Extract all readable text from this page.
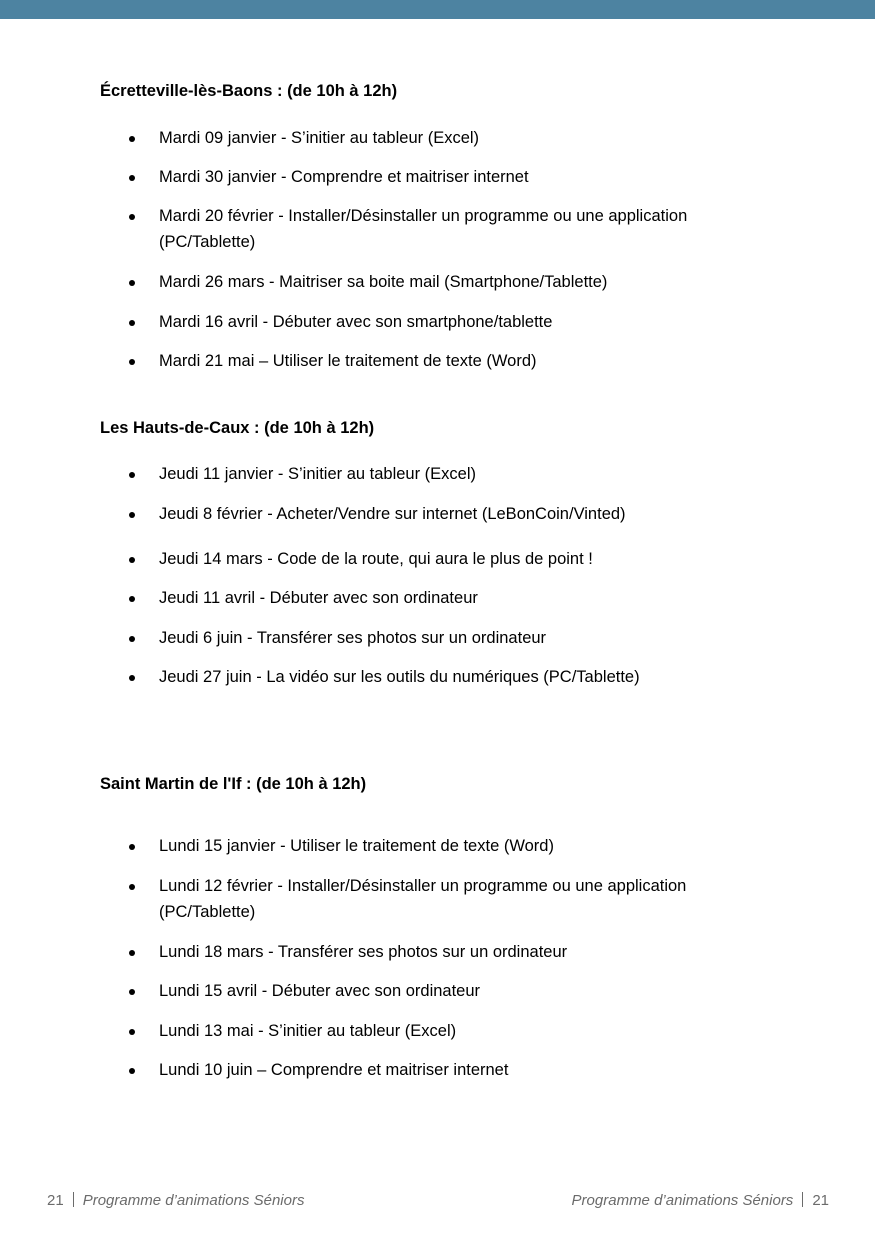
Écretteville-lès-Baons : (de 10h à 12h)
Mardi 09 janvier - S’initier au tableur (Excel)
Mardi 30 janvier - Comprendre et maitriser internet
Mardi 20 février - Installer/Désinstaller un programme ou une application (PC/Tablette)
Mardi 26 mars - Maitriser sa boite mail (Smartphone/Tablette)
Mardi 16 avril - Débuter avec son smartphone/tablette
Mardi 21 mai – Utiliser le traitement de texte (Word)
Les Hauts-de-Caux : (de 10h à 12h)
Jeudi 11 janvier - S’initier au tableur (Excel)
Jeudi 8 février - Acheter/Vendre sur internet (LeBonCoin/Vinted)
Jeudi 14 mars - Code de la route, qui aura le plus de point !
Jeudi 11 avril - Débuter avec son ordinateur
Jeudi 6 juin - Transférer ses photos sur un ordinateur
Jeudi 27 juin - La vidéo sur les outils du numériques (PC/Tablette)
Saint Martin de l'If : (de 10h à 12h)
Lundi 15 janvier - Utiliser le traitement de texte (Word)
Lundi 12 février - Installer/Désinstaller un programme ou une application (PC/Tablette)
Lundi 18 mars - Transférer ses photos sur un ordinateur
Lundi 15 avril - Débuter avec son ordinateur
Lundi 13 mai - S’initier au tableur (Excel)
Lundi 10 juin – Comprendre et maitriser internet
21 Programme d’animations Séniors	Programme d’animations Séniors 21
